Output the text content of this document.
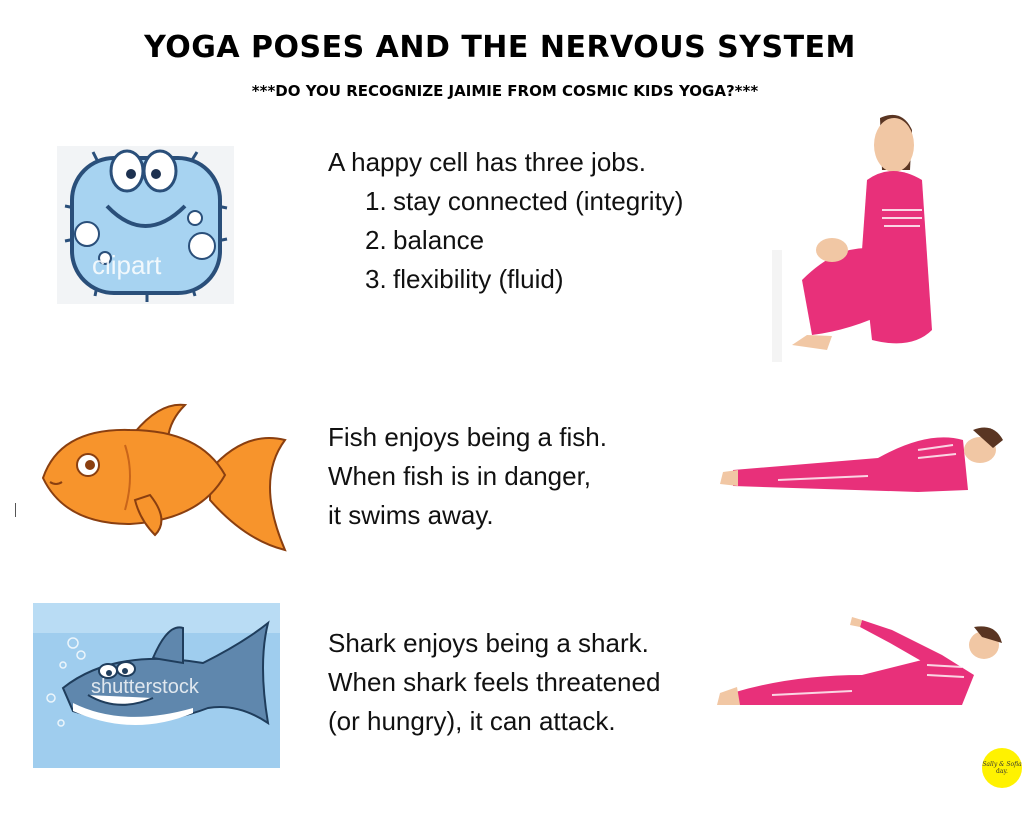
YOGA POSES AND THE NERVOUS SYSTEM
***DO YOU RECOGNIZE JAIMIE FROM COSMIC KIDS YOGA?***
clipart
A happy cell has three jobs.
1. stay connected (integrity)
2. balance
3. flexibility (fluid)
Fish enjoys being a fish.
When fish is in danger,
it swims away.
shutterstock
Shark enjoys being a shark.
When shark feels threatened
(or hungry), it can attack.
Sally & Sofia
day.
